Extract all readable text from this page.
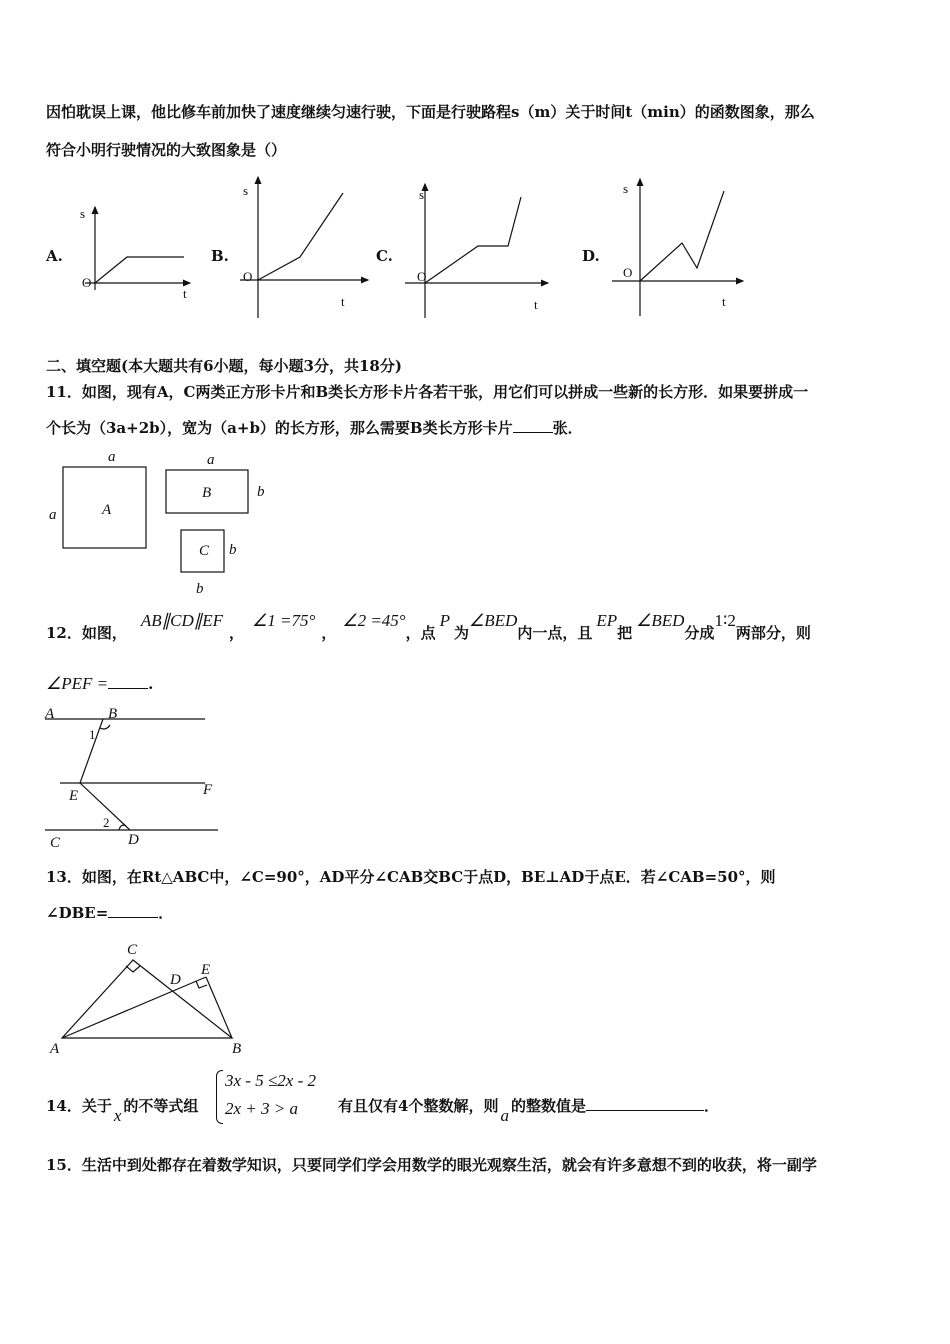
因怕耽误上课，他比修车前加快了速度继续匀速行驶，下面是行驶路程s（m）关于时间t（min）的函数图象，那么
符合小明行驶情况的大致图象是（）
A.	B.	C.	D.
s
O
t
s
O
t
s
O
t
s
O
t
a
a	A
a
B	b
C b
b
A	B
1
E	F
2
C	D
C
D
E
A	B
二、填空题(本大题共有6小题，每小题3分，共18分)
11．如图，现有A，C两类正方形卡片和B类长方形卡片各若干张，用它们可以拼成一些新的长方形．如果要拼成一
个长为（3a+2b），宽为（a+b）的长方形，那么需要B类长方形卡片	张．
12．如图，AB∥CD∥EF，∠1 =75°，∠2 =45°，点P为∠BED内一点，且EP把∠BED分成1∶2两部分，则
∠PEF =	.
13．如图，在Rt△ABC中，∠C=90°，AD平分∠CAB交BC于点D，BE⊥AD于点E．若∠CAB=50°，则
∠DBE=	．
14．关于 x 的不等式组
3x - 5 ≤2x - 2
2x + 3 > a	有且仅有4个整数解，则 a 的整数值是	．
15．生活中到处都存在着数学知识，只要同学们学会用数学的眼光观察生活，就会有许多意想不到的收获，将一副学
